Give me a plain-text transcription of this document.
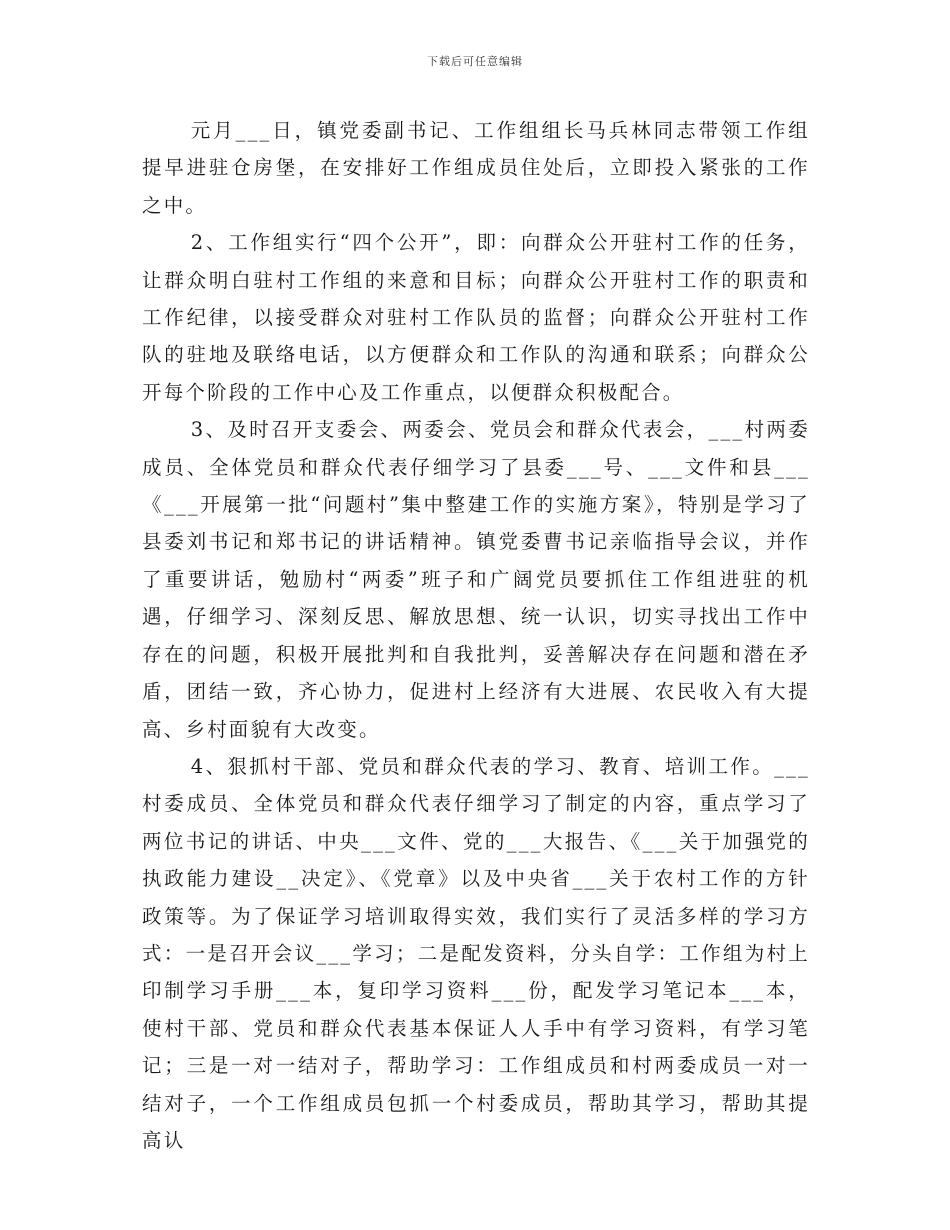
下载后可任意编辑

元月___日，镇党委副书记、工作组组长马兵林同志带领工作组提早进驻仓房堡，在安排好工作组成员住处后，立即投入紧张的工作之中。

2、工作组实行“四个公开”，即：向群众公开驻村工作的任务，让群众明白驻村工作组的来意和目标；向群众公开驻村工作的职责和工作纪律，以接受群众对驻村工作队员的监督；向群众公开驻村工作队的驻地及联络电话，以方便群众和工作队的沟通和联系；向群众公开每个阶段的工作中心及工作重点，以便群众积极配合。

3、及时召开支委会、两委会、党员会和群众代表会，___村两委成员、全体党员和群众代表仔细学习了县委___号、___文件和县___《___开展第一批“问题村”集中整建工作的实施方案》，特别是学习了县委刘书记和郑书记的讲话精神。镇党委曹书记亲临指导会议，并作了重要讲话，勉励村“两委”班子和广阔党员要抓住工作组进驻的机遇，仔细学习、深刻反思、解放思想、统一认识，切实寻找出工作中存在的问题，积极开展批判和自我批判，妥善解决存在问题和潜在矛盾，团结一致，齐心协力，促进村上经济有大进展、农民收入有大提高、乡村面貌有大改变。

4、狠抓村干部、党员和群众代表的学习、教育、培训工作。___村委成员、全体党员和群众代表仔细学习了制定的内容，重点学习了两位书记的讲话、中央___文件、党的___大报告、《___关于加强党的执政能力建设__决定》、《党章》以及中央省___关于农村工作的方针政策等。为了保证学习培训取得实效，我们实行了灵活多样的学习方式：一是召开会议___学习；二是配发资料，分头自学：工作组为村上印制学习手册___本，复印学习资料___份，配发学习笔记本___本，使村干部、党员和群众代表基本保证人人手中有学习资料，有学习笔记；三是一对一结对子，帮助学习：工作组成员和村两委成员一对一结对子，一个工作组成员包抓一个村委成员，帮助其学习，帮助其提高认
